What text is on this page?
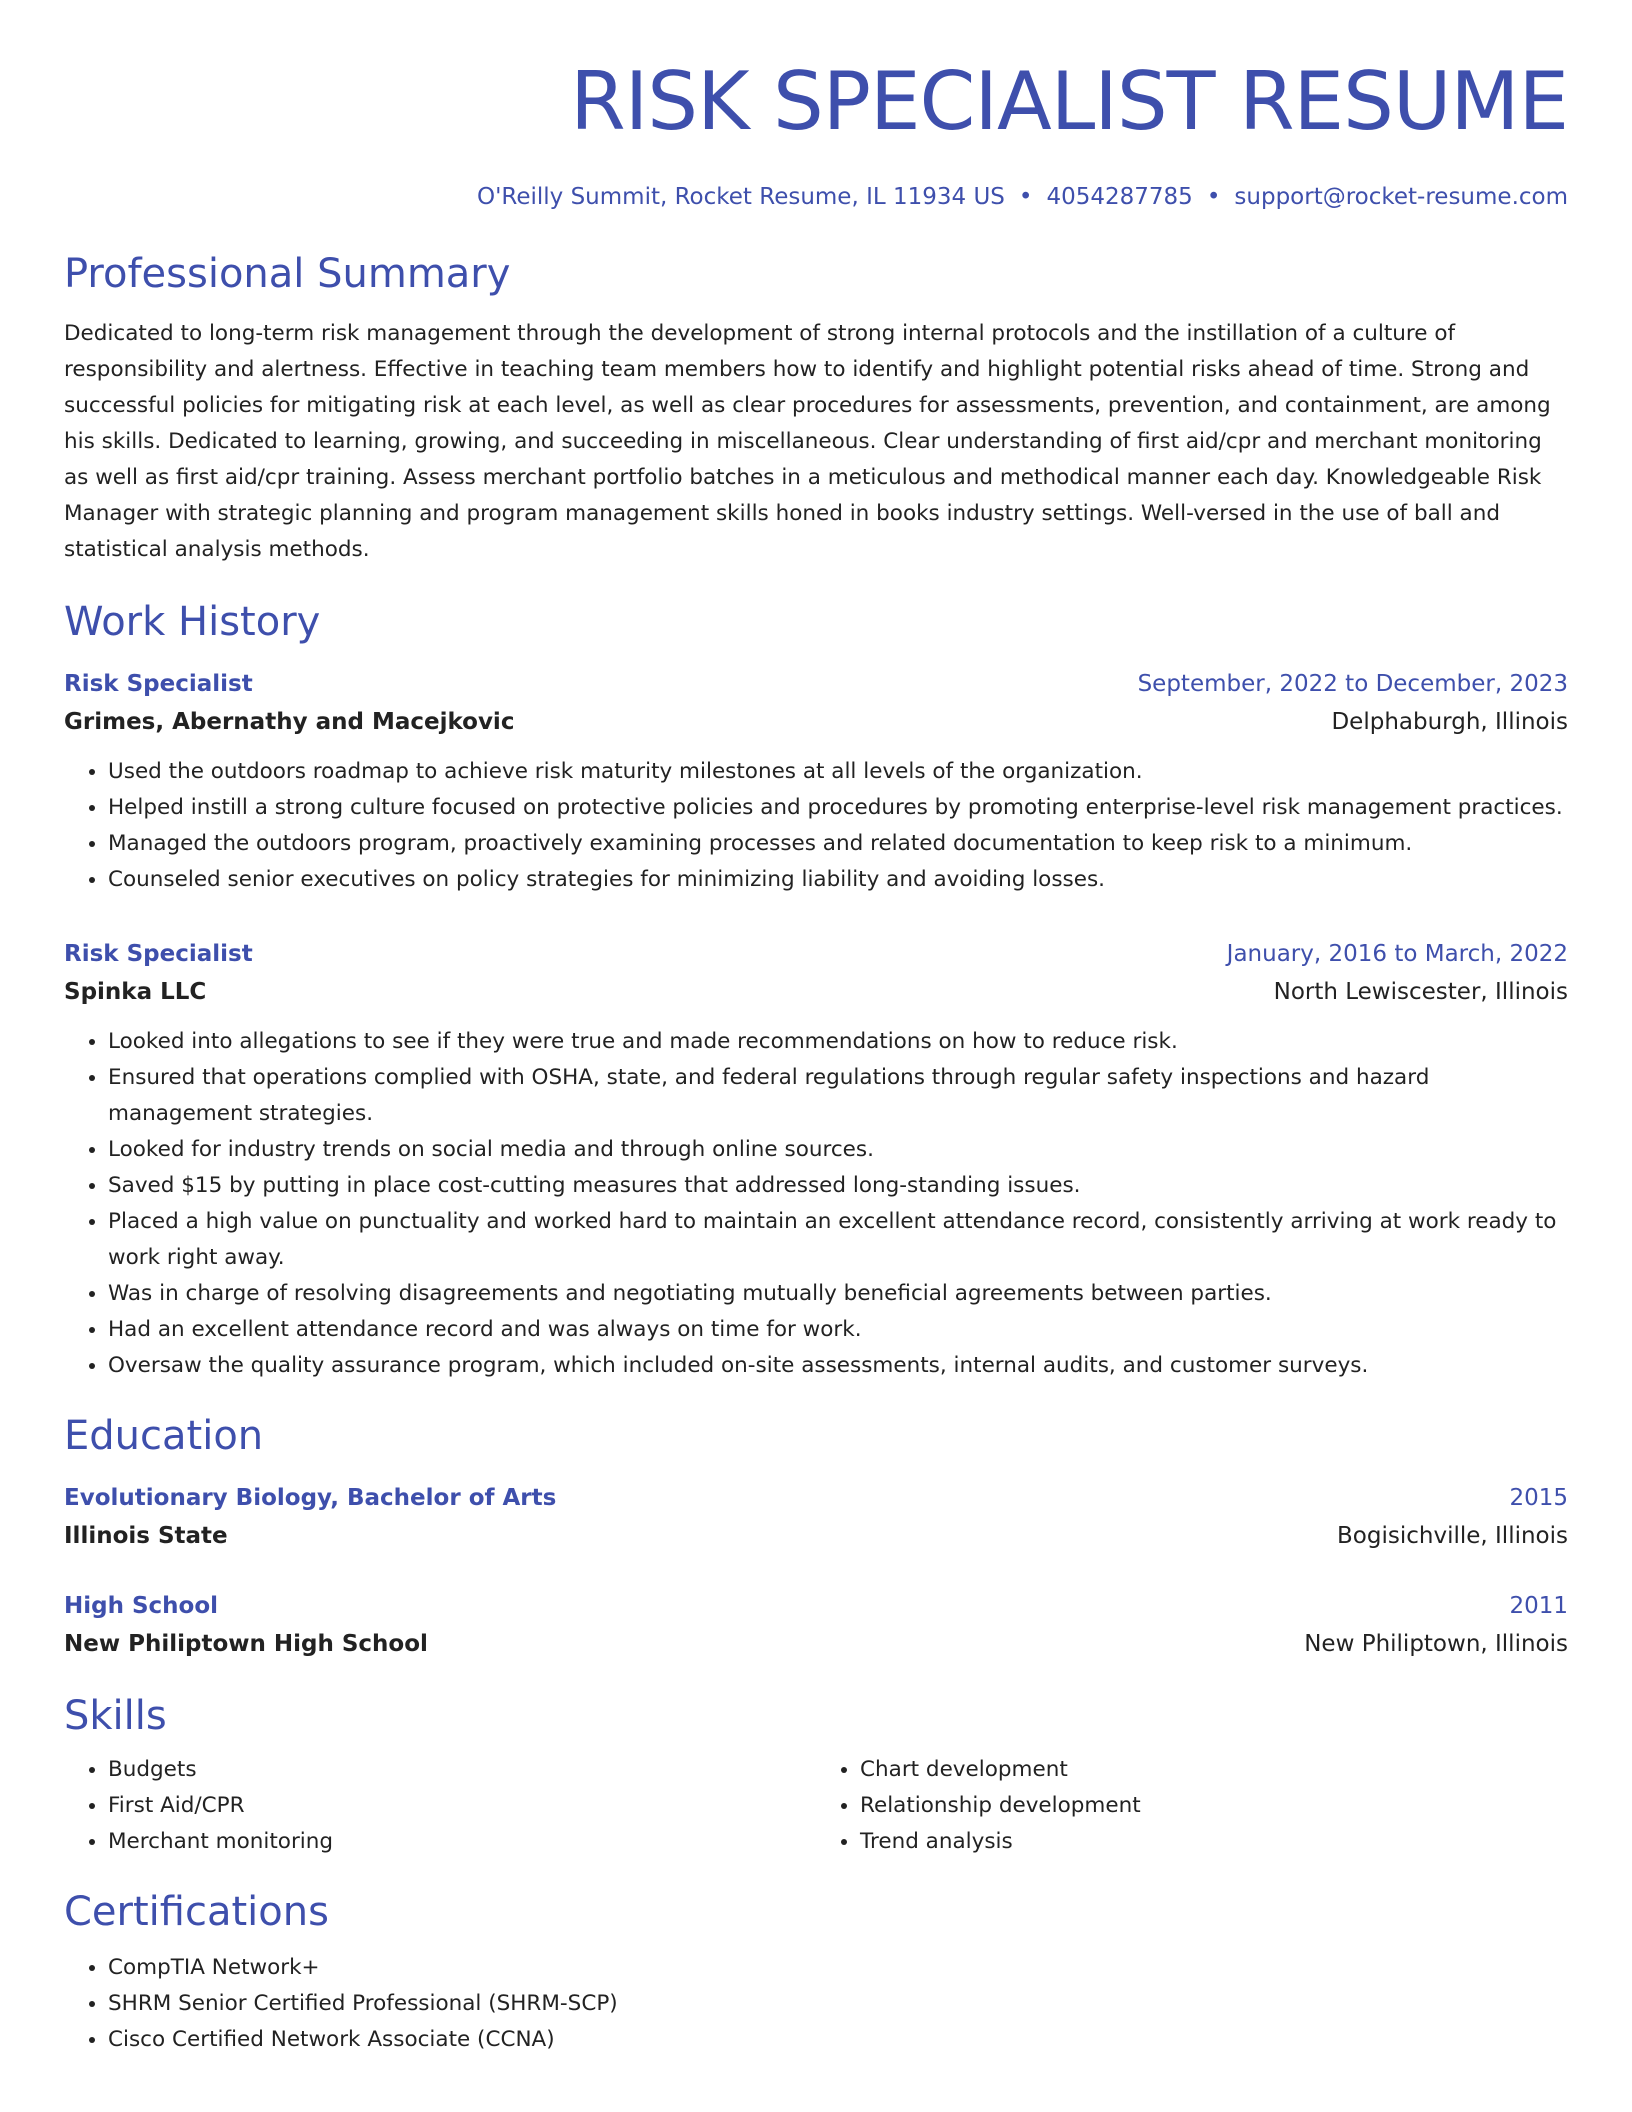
RISK SPECIALIST RESUME
O'Reilly Summit, Rocket Resume, IL 11934 US • 4054287785 • support@rocket-resume.com
Professional Summary

Dedicated to long-term risk management through the development of strong internal protocols and the instillation of a culture of responsibility and alertness. Effective in teaching team members how to identify and highlight potential risks ahead of time. Strong and successful policies for mitigating risk at each level, as well as clear procedures for assessments, prevention, and containment, are among his skills. Dedicated to learning, growing, and succeeding in miscellaneous. Clear understanding of first aid/cpr and merchant monitoring as well as first aid/cpr training. Assess merchant portfolio batches in a meticulous and methodical manner each day. Knowledgeable Risk Manager with strategic planning and program management skills honed in books industry settings. Well-versed in the use of ball and statistical analysis methods.

Work History
Risk Specialist	September, 2022 to December, 2023
Grimes, Abernathy and Macejkovic	Delphaburgh, Illinois
• Used the outdoors roadmap to achieve risk maturity milestones at all levels of the organization.
• Helped instill a strong culture focused on protective policies and procedures by promoting enterprise-level risk management practices.
• Managed the outdoors program, proactively examining processes and related documentation to keep risk to a minimum.
• Counseled senior executives on policy strategies for minimizing liability and avoiding losses.
Risk Specialist	January, 2016 to March, 2022
Spinka LLC	North Lewiscester, Illinois
• Looked into allegations to see if they were true and made recommendations on how to reduce risk.
• Ensured that operations complied with OSHA, state, and federal regulations through regular safety inspections and hazard management strategies.
• Looked for industry trends on social media and through online sources.
• Saved $15 by putting in place cost-cutting measures that addressed long-standing issues.
• Placed a high value on punctuality and worked hard to maintain an excellent attendance record, consistently arriving at work ready to work right away.
• Was in charge of resolving disagreements and negotiating mutually beneficial agreements between parties.
• Had an excellent attendance record and was always on time for work.
• Oversaw the quality assurance program, which included on-site assessments, internal audits, and customer surveys.
Education
Evolutionary Biology, Bachelor of Arts	2015
Illinois State	Bogisichville, Illinois
High School	2011
New Philiptown High School	New Philiptown, Illinois
Skills
• Budgets
• First Aid/CPR
• Merchant monitoring
• Chart development
• Relationship development
• Trend analysis
Certifications
• CompTIA Network+
• SHRM Senior Certified Professional (SHRM-SCP)
• Cisco Certified Network Associate (CCNA)
